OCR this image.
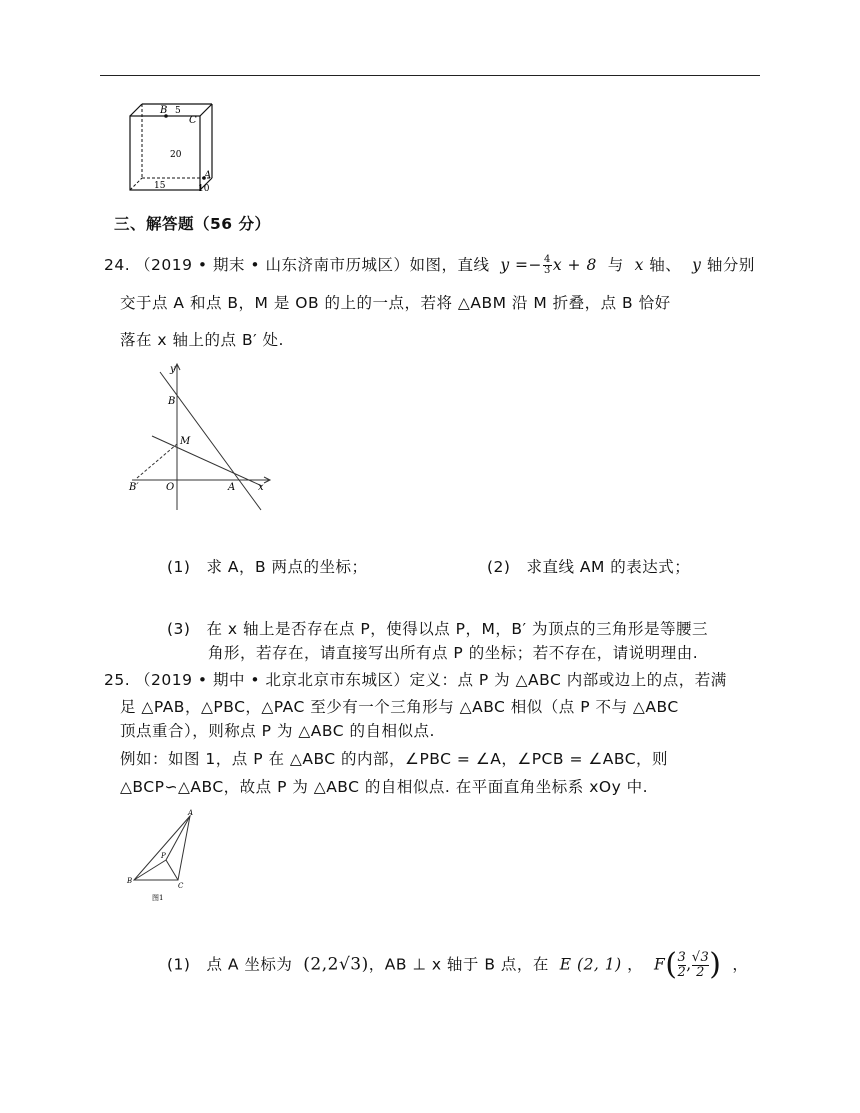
B 5
C
20
A
15	10
三、解答题（56 分）
24. （2019 • 期末 • 山东济南市历城区）如图，直线 $y =- \frac{4}{3}$ x + 8 与 x 轴、 y 轴分别
交于点 A 和点 B，M 是 OB 的上的一点，若将 △ABM 沿 M 折叠，点 B 恰好
落在 x 轴上的点 B′ 处.
y
B
M
B′	O	A x
(1)　求 A，B 两点的坐标；	(2)　求直线 AM 的表达式；
(3)　在 x 轴上是否存在点 P，使得以点 P，M，B′ 为顶点的三角形是等腰三
角形，若存在，请直接写出所有点 P 的坐标；若不存在，请说明理由.
25. （2019 • 期中 • 北京北京市东城区）定义：点 P 为 △ABC 内部或边上的点，若满
足 △PAB，△PBC，△PAC 至少有一个三角形与 △ABC 相似（点 P 不与 △ABC
顶点重合），则称点 P 为 △ABC 的自相似点.
例如：如图 1，点 P 在 △ABC 的内部，∠PBC = ∠A，∠PCB = ∠ABC，则
△BCP∽△ABC，故点 P 为 △ABC 的自相似点. 在平面直角坐标系 xOy 中.
A
P
B
C
图1
(1)　点 A 坐标为 (2,2√3)，AB ⊥ x 轴于 B 点，在 E (2, 1) ， $F( \frac{3}{2}$ , $\frac{√3}{2}$ ) ，
